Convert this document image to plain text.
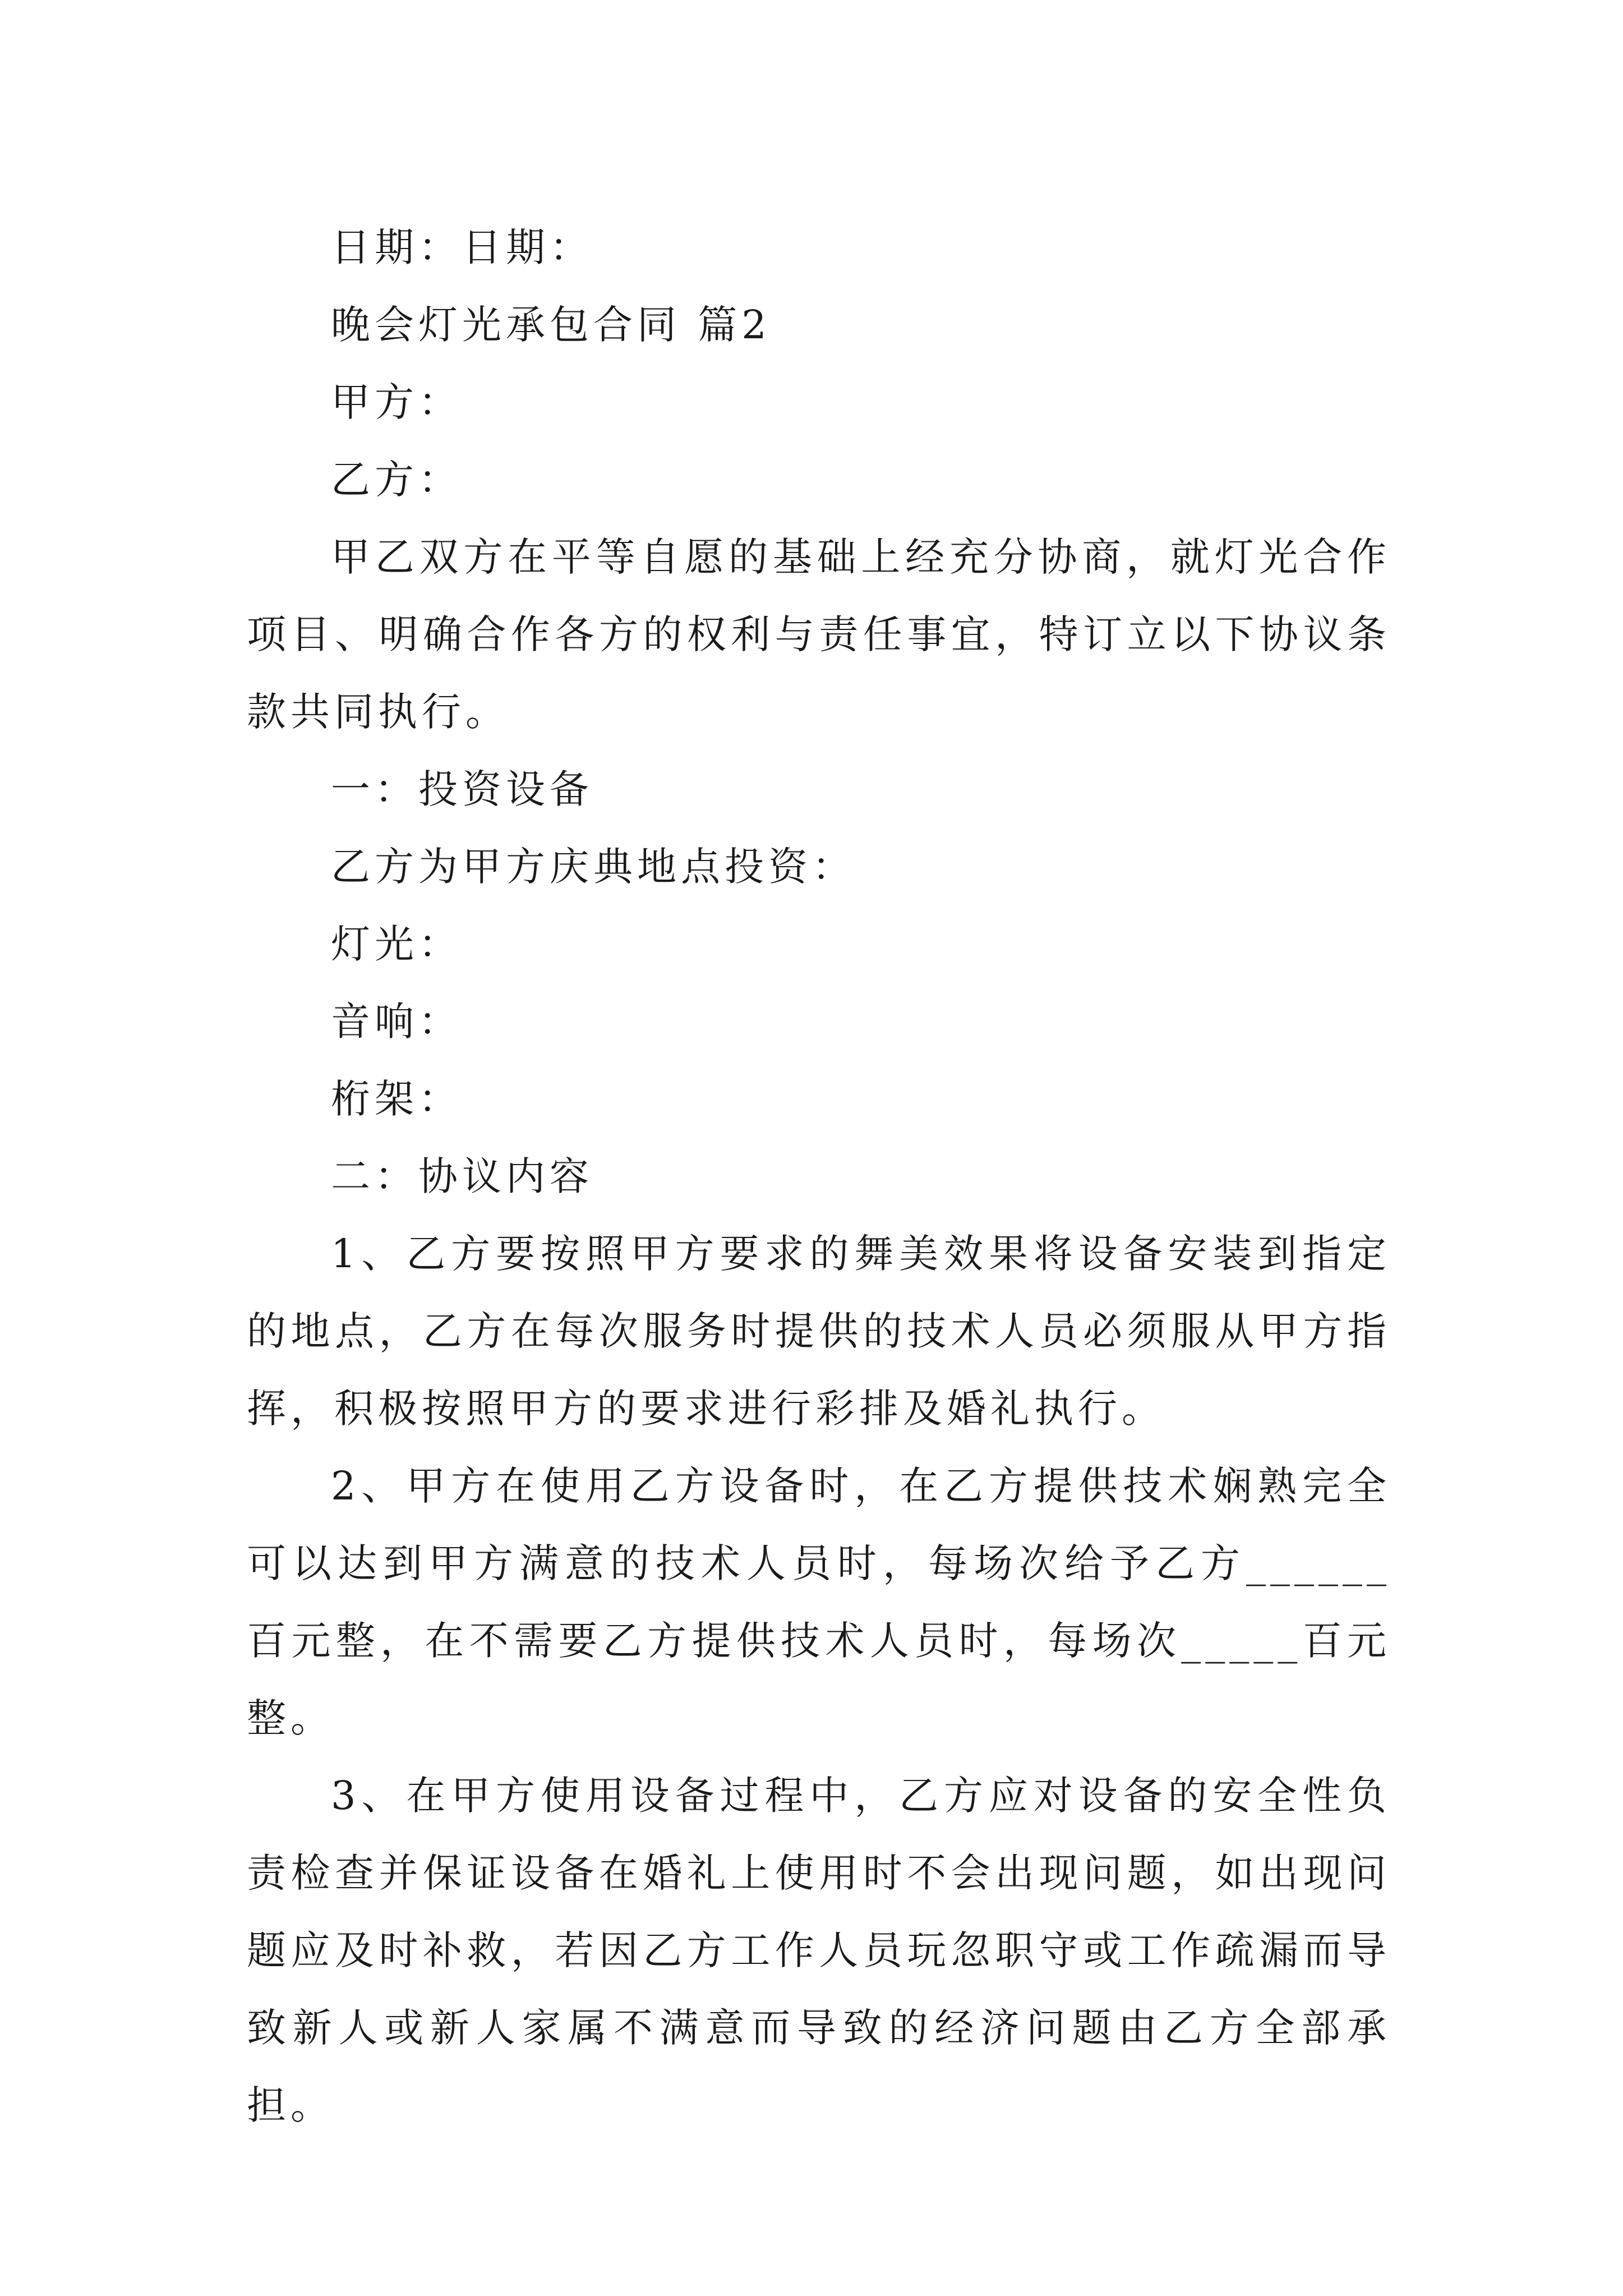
日期：日期：

晚会灯光承包合同 篇2

甲方：

乙方：

甲乙双方在平等自愿的基础上经充分协商，就灯光合作项目、明确合作各方的权利与责任事宜，特订立以下协议条款共同执行。

一：投资设备

乙方为甲方庆典地点投资：

灯光：

音响：

桁架：

二：协议内容

1、乙方要按照甲方要求的舞美效果将设备安装到指定的地点，乙方在每次服务时提供的技术人员必须服从甲方指挥，积极按照甲方的要求进行彩排及婚礼执行。

2、甲方在使用乙方设备时，在乙方提供技术娴熟完全可以达到甲方满意的技术人员时，每场次给予乙方______百元整，在不需要乙方提供技术人员时，每场次_____百元整。

3、在甲方使用设备过程中，乙方应对设备的安全性负责检查并保证设备在婚礼上使用时不会出现问题，如出现问题应及时补救，若因乙方工作人员玩忽职守或工作疏漏而导致新人或新人家属不满意而导致的经济问题由乙方全部承担。
